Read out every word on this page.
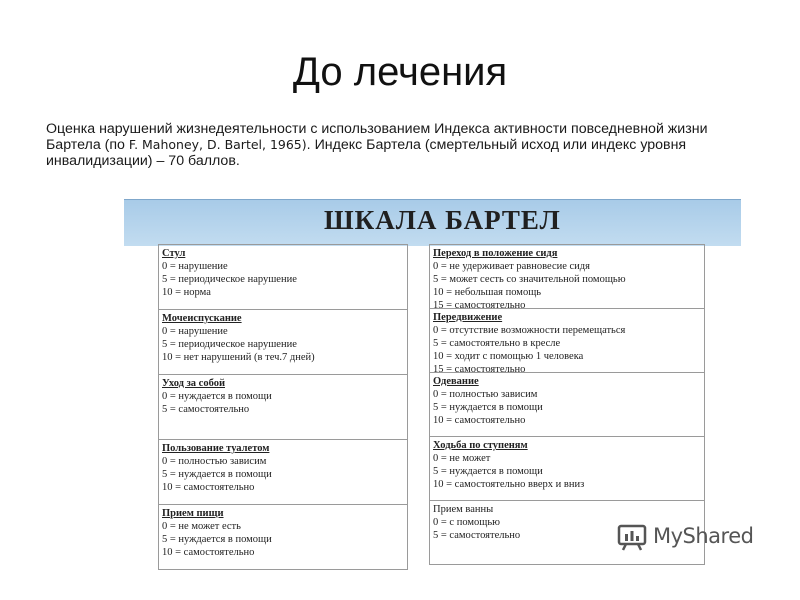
До лечения
Оценка нарушений жизнедеятельности с использованием Индекса активности повседневной жизни Бартела (по F. Mahoney, D. Bartel, 1965). Индекс Бартела (смертельный исход или индекс уровня инвалидизации) – 70 баллов.
ШКАЛА БАРТЕЛ
Стул
0 = нарушение
5 = периодическое нарушение
10 = норма
Мочеиспускание
0 = нарушение
5 = периодическое нарушение
10 = нет нарушений (в теч.7 дней)
Уход за собой
0 = нуждается в помощи
5 = самостоятельно
Пользование туалетом
0 = полностью зависим
5 = нуждается в помощи
10 = самостоятельно
Прием пищи
0 = не может есть
5 = нуждается в помощи
10 = самостоятельно
Переход в положение сидя
0 = не удерживает равновесие сидя
5 = может сесть со значительной помощью
10 = небольшая помощь
15 = самостоятельно
Передвижение
0 = отсутствие возможности перемещаться
5 = самостоятельно в кресле
10 = ходит с помощью 1 человека
15 = самостоятельно
Одевание
0 = полностью зависим
5 = нуждается в помощи
10 = самостоятельно
Ходьба по ступеням
0 = не может
5 = нуждается в помощи
10 = самостоятельно вверх и вниз
Прием ванны
0 = с помощью
5 = самостоятельно	MyShared
